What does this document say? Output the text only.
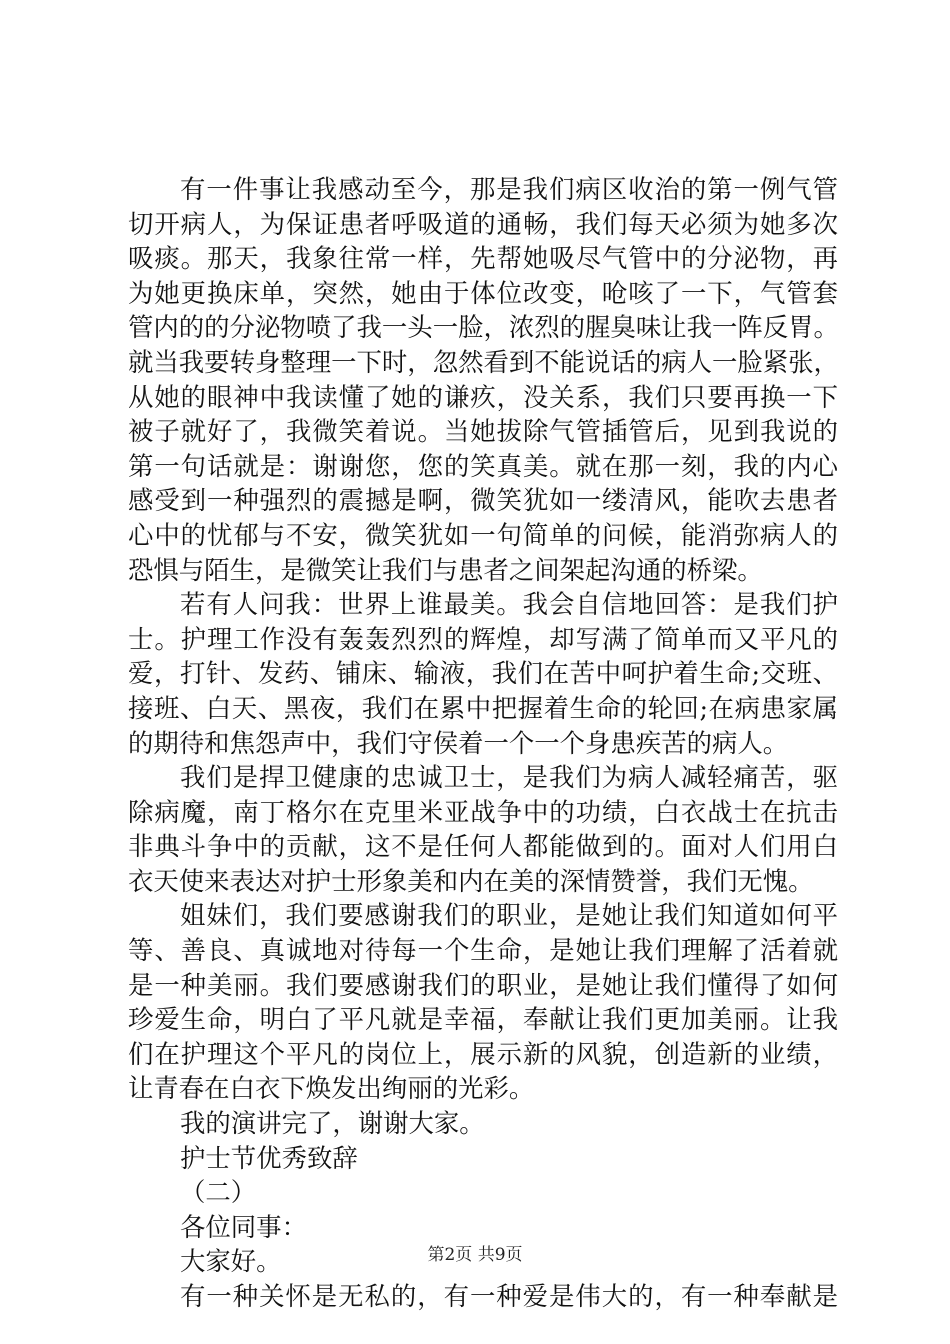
有一件事让我感动至今，那是我们病区收治的第一例气管
切开病人，为保证患者呼吸道的通畅，我们每天必须为她多次
吸痰。那天，我象往常一样，先帮她吸尽气管中的分泌物，再
为她更换床单，突然，她由于体位改变，呛咳了一下，气管套
管内的的分泌物喷了我一头一脸，浓烈的腥臭味让我一阵反胃。
就当我要转身整理一下时，忽然看到不能说话的病人一脸紧张，
从她的眼神中我读懂了她的谦疚，没关系，我们只要再换一下
被子就好了，我微笑着说。当她拔除气管插管后，见到我说的
第一句话就是：谢谢您，您的笑真美。就在那一刻，我的内心
感受到一种强烈的震撼是啊，微笑犹如一缕清风，能吹去患者
心中的忧郁与不安，微笑犹如一句简单的问候，能消弥病人的
恐惧与陌生，是微笑让我们与患者之间架起沟通的桥梁。
若有人问我：世界上谁最美。我会自信地回答：是我们护
士。护理工作没有轰轰烈烈的辉煌，却写满了简单而又平凡的
爱，打针、发药、铺床、输液，我们在苦中呵护着生命;交班、
接班、白天、黑夜，我们在累中把握着生命的轮回;在病患家属
的期待和焦怨声中，我们守侯着一个一个身患疾苦的病人。
我们是捍卫健康的忠诚卫士，是我们为病人减轻痛苦，驱
除病魔，南丁格尔在克里米亚战争中的功绩，白衣战士在抗击
非典斗争中的贡献，这不是任何人都能做到的。面对人们用白
衣天使来表达对护士形象美和内在美的深情赞誉，我们无愧。
姐妹们，我们要感谢我们的职业，是她让我们知道如何平
等、善良、真诚地对待每一个生命，是她让我们理解了活着就
是一种美丽。我们要感谢我们的职业，是她让我们懂得了如何
珍爱生命，明白了平凡就是幸福，奉献让我们更加美丽。让我
们在护理这个平凡的岗位上，展示新的风貌，创造新的业绩，
让青春在白衣下焕发出绚丽的光彩。
我的演讲完了，谢谢大家。
护士节优秀致辞
（二）
各位同事：
大家好。
有一种关怀是无私的，有一种爱是伟大的，有一种奉献是
第2页 共9页
